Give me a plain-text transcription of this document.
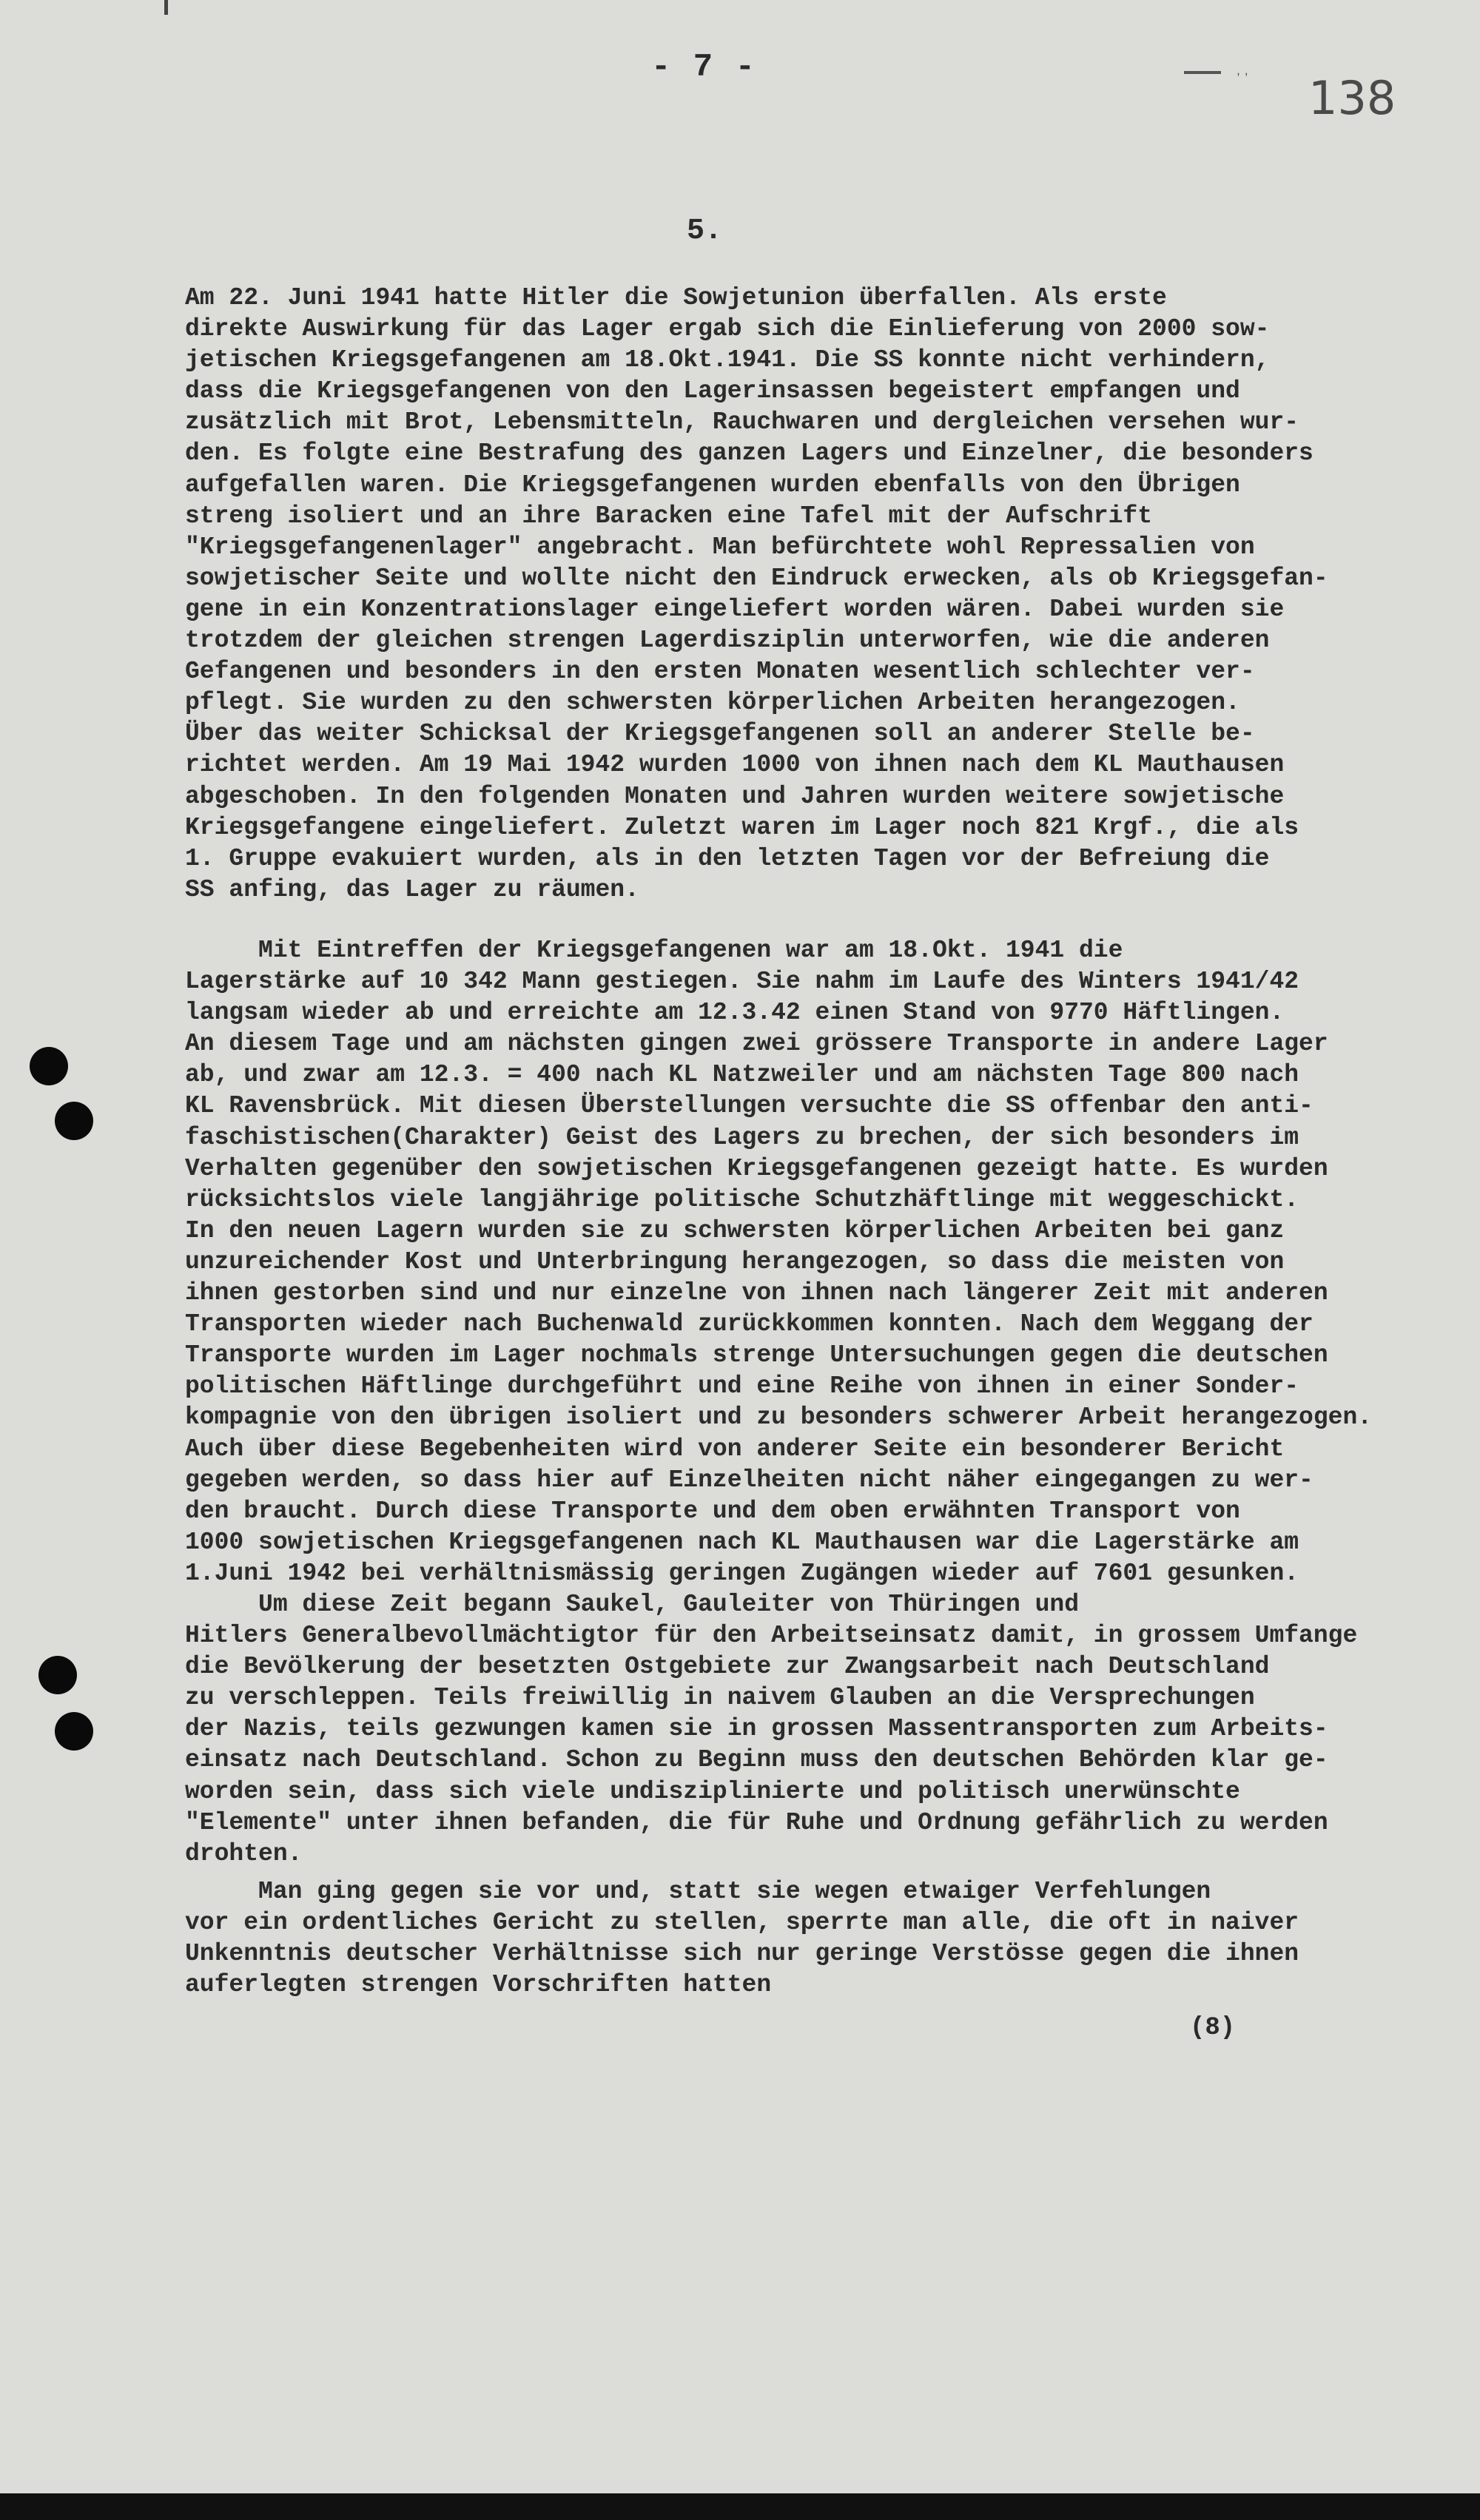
- 7 -	ʼʼ 138
5.
Am 22. Juni 1941 hatte Hitler die Sowjetunion überfallen. Als erste
direkte Auswirkung für das Lager ergab sich die Einlieferung von 2000 sow-
jetischen Kriegsgefangenen am 18.Okt.1941. Die SS konnte nicht verhindern,
dass die Kriegsgefangenen von den Lagerinsassen begeistert empfangen und
zusätzlich mit Brot, Lebensmitteln, Rauchwaren und dergleichen versehen wur-
den. Es folgte eine Bestrafung des ganzen Lagers und Einzelner, die besonders
aufgefallen waren. Die Kriegsgefangenen wurden ebenfalls von den Übrigen
streng isoliert und an ihre Baracken eine Tafel mit der Aufschrift
"Kriegsgefangenenlager" angebracht. Man befürchtete wohl Repressalien von
sowjetischer Seite und wollte nicht den Eindruck erwecken, als ob Kriegsgefan-
gene in ein Konzentrationslager eingeliefert worden wären. Dabei wurden sie
trotzdem der gleichen strengen Lagerdisziplin unterworfen, wie die anderen
Gefangenen und besonders in den ersten Monaten wesentlich schlechter ver-
pflegt. Sie wurden zu den schwersten körperlichen Arbeiten herangezogen.
Über das weiter Schicksal der Kriegsgefangenen soll an anderer Stelle be-
richtet werden. Am 19 Mai 1942 wurden 1000 von ihnen nach dem KL Mauthausen
abgeschoben. In den folgenden Monaten und Jahren wurden weitere sowjetische
Kriegsgefangene eingeliefert. Zuletzt waren im Lager noch 821 Krgf., die als
1. Gruppe evakuiert wurden, als in den letzten Tagen vor der Befreiung die
SS anfing, das Lager zu räumen.
Mit Eintreffen der Kriegsgefangenen war am 18.Okt. 1941 die
Lagerstärke auf 10 342 Mann gestiegen. Sie nahm im Laufe des Winters 1941/42
langsam wieder ab und erreichte am 12.3.42 einen Stand von 9770 Häftlingen.
An diesem Tage und am nächsten gingen zwei grössere Transporte in andere Lager
ab, und zwar am 12.3. = 400 nach KL Natzweiler und am nächsten Tage 800 nach
KL Ravensbrück. Mit diesen Überstellungen versuchte die SS offenbar den anti-
faschistischen(Charakter) Geist des Lagers zu brechen, der sich besonders im
Verhalten gegenüber den sowjetischen Kriegsgefangenen gezeigt hatte. Es wurden
rücksichtslos viele langjährige politische Schutzhäftlinge mit weggeschickt.
In den neuen Lagern wurden sie zu schwersten körperlichen Arbeiten bei ganz
unzureichender Kost und Unterbringung herangezogen, so dass die meisten von
ihnen gestorben sind und nur einzelne von ihnen nach längerer Zeit mit anderen
Transporten wieder nach Buchenwald zurückkommen konnten. Nach dem Weggang der
Transporte wurden im Lager nochmals strenge Untersuchungen gegen die deutschen
politischen Häftlinge durchgeführt und eine Reihe von ihnen in einer Sonder-
kompagnie von den übrigen isoliert und zu besonders schwerer Arbeit herangezogen.
Auch über diese Begebenheiten wird von anderer Seite ein besonderer Bericht
gegeben werden, so dass hier auf Einzelheiten nicht näher eingegangen zu wer-
den braucht. Durch diese Transporte und dem oben erwähnten Transport von
1000 sowjetischen Kriegsgefangenen nach KL Mauthausen war die Lagerstärke am
1.Juni 1942 bei verhältnismässig geringen Zugängen wieder auf 7601 gesunken.
Um diese Zeit begann Saukel, Gauleiter von Thüringen und
Hitlers Generalbevollmächtigtor für den Arbeitseinsatz damit, in grossem Umfange
die Bevölkerung der besetzten Ostgebiete zur Zwangsarbeit nach Deutschland
zu verschleppen. Teils freiwillig in naivem Glauben an die Versprechungen
der Nazis, teils gezwungen kamen sie in grossen Massentransporten zum Arbeits-
einsatz nach Deutschland. Schon zu Beginn muss den deutschen Behörden klar ge-
worden sein, dass sich viele undisziplinierte und politisch unerwünschte
"Elemente" unter ihnen befanden, die für Ruhe und Ordnung gefährlich zu werden
drohten.
Man ging gegen sie vor und, statt sie wegen etwaiger Verfehlungen
vor ein ordentliches Gericht zu stellen, sperrte man alle, die oft in naiver
Unkenntnis deutscher Verhältnisse sich nur geringe Verstösse gegen die ihnen
auferlegten strengen Vorschriften hatten
(8)
